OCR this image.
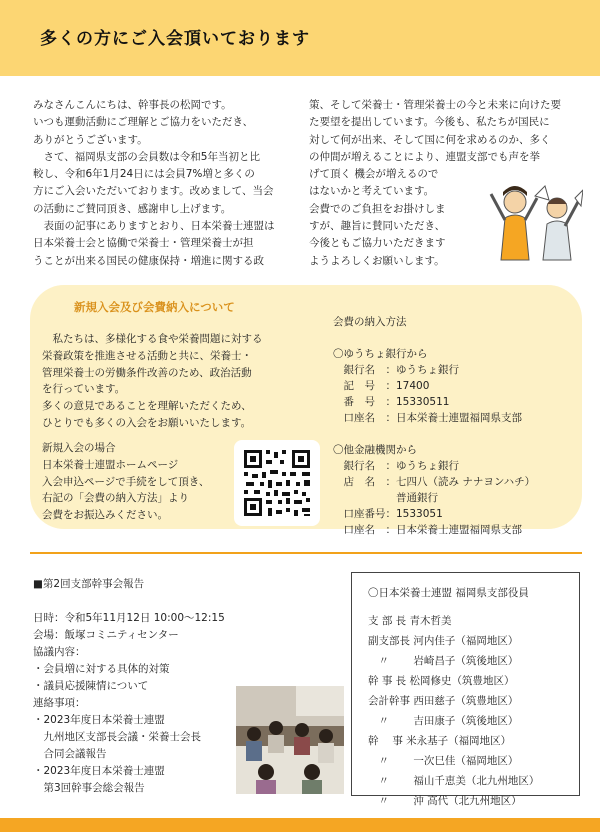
多くの方にご入会頂いております
みなさんこんにちは、幹事長の松岡です。
いつも運動活動にご理解とご協力をいただき、
ありがとうございます。
　さて、福岡県支部の会員数は令和5年当初と比
較し、令和6年1月24日には会員7%増と多くの
方にご入会いただいております。改めまして、当会
の活動にご賛同頂き、感謝申し上げます。
　表面の記事にありますとおり、日本栄養士連盟は
日本栄養士会と協働で栄養士・管理栄養士が担
うことが出来る国民の健康保持・増進に関する政
策、そして栄養士・管理栄養士の今と未来に向けた要
た要望を提出しています。今後も、私たちが国民に
対して何が出来、そして国に何を求めるのか、多く
の仲間が増えることにより、連盟支部でも声を挙
げて頂く 機会が増えるので
はないかと考えています。
会費でのご負担をお掛けしま
すが、趣旨に賛同いただき、
今後ともご協力いただきます
ようよろしくお願いします。
新規入会及び会費納入について
　私たちは、多様化する食や栄養問題に対する
栄養政策を推進させる活動と共に、栄養士・
管理栄養士の労働条件改善のため、政治活動
を行っています。
多くの意見であることを理解いただくため、
ひとりでも多くの入会をお願いいたします。
新規入会の場合
日本栄養士連盟ホームページ
入会申込ページで手続をして頂き、
右記の「会費の納入方法」より
会費をお振込みください。
会費の納入方法

〇ゆうちょ銀行から
　銀行名　：ゆうちょ銀行
　記　号　：17400
　番　号　：15330511
　口座名　：日本栄養士連盟福岡県支部

〇他金融機関から
　銀行名　：ゆうちょ銀行
　店　名　：七四八（読み ナナヨンハチ）
　　　　　　普通銀行
　口座番号：1533051
　口座名　：日本栄養士連盟福岡県支部
■第2回支部幹事会報告

日時：令和5年11月12日 10:00〜12:15
会場：飯塚コミニティセンター
協議内容：
・会員増に対する具体的対策
・議員応援陳情について
連絡事項：
・2023年度日本栄養士連盟
　九州地区支部長会議・栄養士会長
　合同会議報告
・2023年度日本栄養士連盟
　第3回幹事会総会報告
〇日本栄養士連盟 福岡県支部役員

支 部 長 青木哲美
副支部長 河内佳子（福岡地区）
　〃　　 岩崎昌子（筑後地区）
幹 事 長 松岡修史（筑豊地区）
会計幹事 西田慈子（筑豊地区）
　〃　　 吉田康子（筑後地区）
幹　 事 米永基子（福岡地区）
　〃　　 一次巳佳（福岡地区）
　〃　　 福山千恵美（北九州地区）
　〃　　 沖 高代（北九州地区）
